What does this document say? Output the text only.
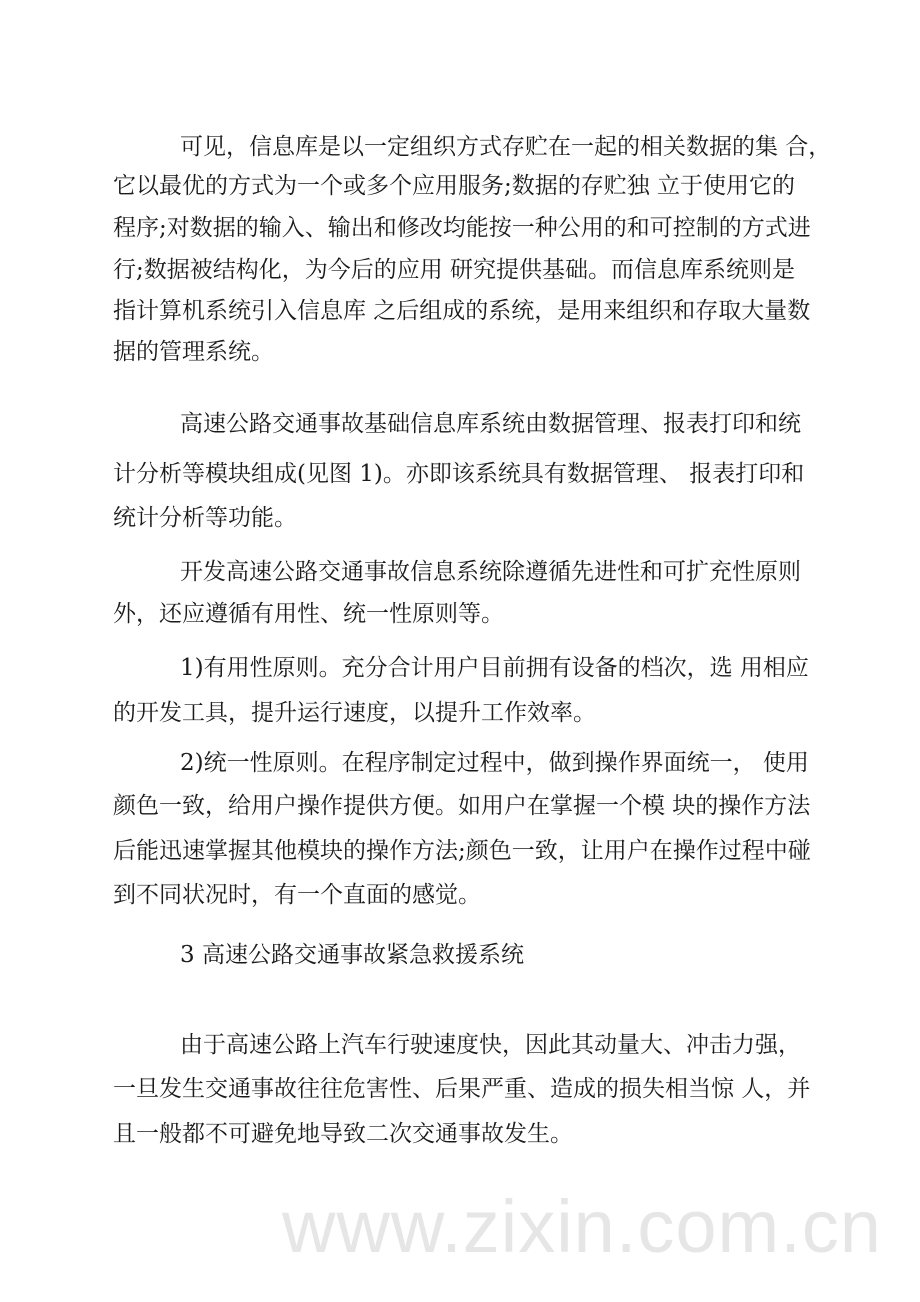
www.zixin.com.cn
可见，信息库是以一定组织方式存贮在一起的相关数据的集 合，
它以最优的方式为一个或多个应用服务;数据的存贮独 立于使用它的
程序;对数据的输入、输出和修改均能按一种公用的和可控制的方式进
行;数据被结构化，为今后的应用 研究提供基础。而信息库系统则是
指计算机系统引入信息库 之后组成的系统，是用来组织和存取大量数
据的管理系统。
高速公路交通事故基础信息库系统由数据管理、报表打印和统
计分析等模块组成(见图 1)。亦即该系统具有数据管理、 报表打印和
统计分析等功能。
开发高速公路交通事故信息系统除遵循先进性和可扩充性原则
外，还应遵循有用性、统一性原则等。
1)有用性原则。充分合计用户目前拥有设备的档次，选 用相应
的开发工具，提升运行速度，以提升工作效率。
2)统一性原则。在程序制定过程中，做到操作界面统一， 使用
颜色一致，给用户操作提供方便。如用户在掌握一个模 块的操作方法
后能迅速掌握其他模块的操作方法;颜色一致，让用户在操作过程中碰
到不同状况时，有一个直面的感觉。
3 高速公路交通事故紧急救援系统
由于高速公路上汽车行驶速度快，因此其动量大、冲击力强，
一旦发生交通事故往往危害性、后果严重、造成的损失相当惊 人，并
且一般都不可避免地导致二次交通事故发生。
